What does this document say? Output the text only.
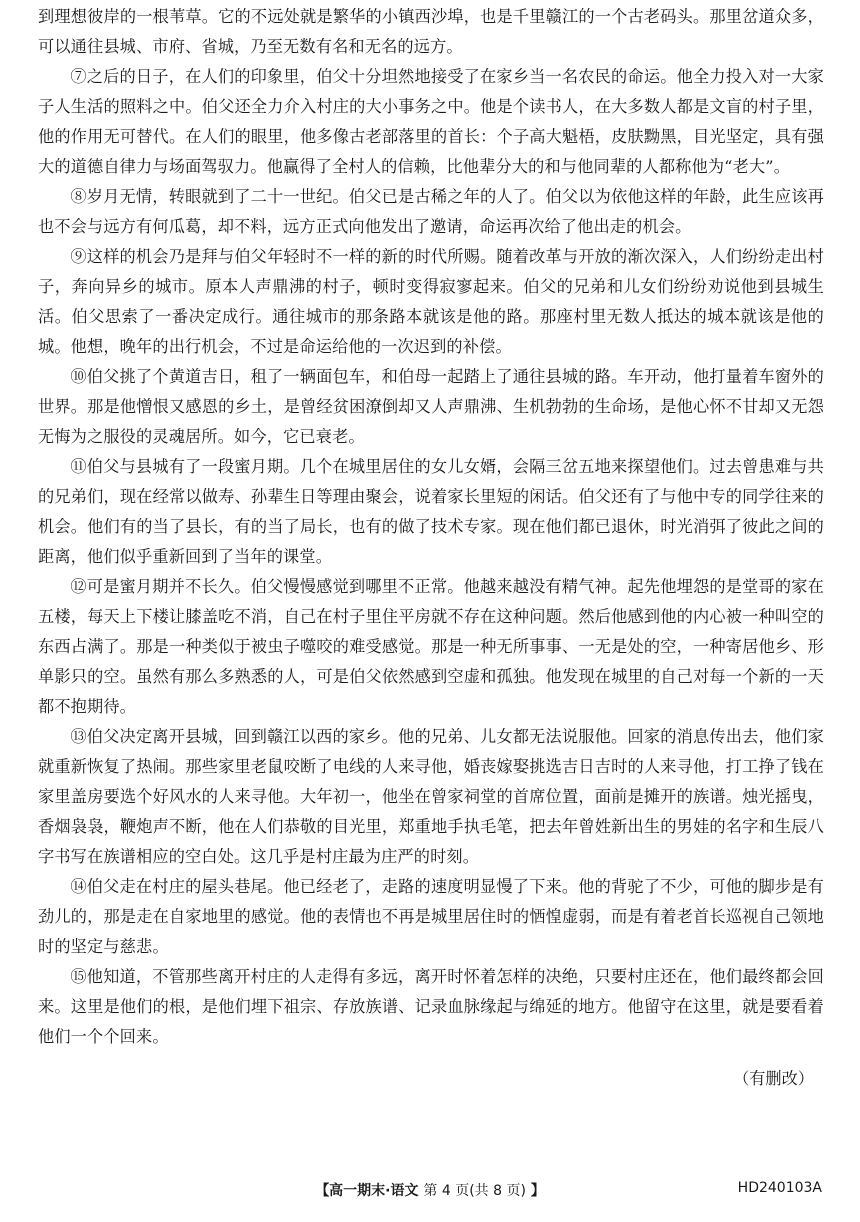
到理想彼岸的一根苇草。它的不远处就是繁华的小镇西沙埠，也是千里赣江的一个古老码头。那里岔道众多，可以通往县城、市府、省城，乃至无数有名和无名的远方。

⑦之后的日子，在人们的印象里，伯父十分坦然地接受了在家乡当一名农民的命运。他全力投入对一大家子人生活的照料之中。伯父还全力介入村庄的大小事务之中。他是个读书人，在大多数人都是文盲的村子里，他的作用无可替代。在人们的眼里，他多像古老部落里的首长：个子高大魁梧，皮肤黝黑，目光坚定，具有强大的道德自律力与场面驾驭力。他赢得了全村人的信赖，比他辈分大的和与他同辈的人都称他为“老大”。

⑧岁月无情，转眼就到了二十一世纪。伯父已是古稀之年的人了。伯父以为依他这样的年龄，此生应该再也不会与远方有何瓜葛，却不料，远方正式向他发出了邀请，命运再次给了他出走的机会。

⑨这样的机会乃是拜与伯父年轻时不一样的新的时代所赐。随着改革与开放的渐次深入，人们纷纷走出村子，奔向异乡的城市。原本人声鼎沸的村子，顿时变得寂寥起来。伯父的兄弟和儿女们纷纷劝说他到县城生活。伯父思索了一番决定成行。通往城市的那条路本就该是他的路。那座村里无数人抵达的城本就该是他的城。他想，晚年的出行机会，不过是命运给他的一次迟到的补偿。

⑩伯父挑了个黄道吉日，租了一辆面包车，和伯母一起踏上了通往县城的路。车开动，他打量着车窗外的世界。那是他憎恨又感恩的乡土，是曾经贫困潦倒却又人声鼎沸、生机勃勃的生命场，是他心怀不甘却又无怨无悔为之服役的灵魂居所。如今，它已衰老。

⑪伯父与县城有了一段蜜月期。几个在城里居住的女儿女婿，会隔三岔五地来探望他们。过去曾患难与共的兄弟们，现在经常以做寿、孙辈生日等理由聚会，说着家长里短的闲话。伯父还有了与他中专的同学往来的机会。他们有的当了县长，有的当了局长，也有的做了技术专家。现在他们都已退休，时光消弭了彼此之间的距离，他们似乎重新回到了当年的课堂。

⑫可是蜜月期并不长久。伯父慢慢感觉到哪里不正常。他越来越没有精气神。起先他埋怨的是堂哥的家在五楼，每天上下楼让膝盖吃不消，自己在村子里住平房就不存在这种问题。然后他感到他的内心被一种叫空的东西占满了。那是一种类似于被虫子噬咬的难受感觉。那是一种无所事事、一无是处的空，一种寄居他乡、形单影只的空。虽然有那么多熟悉的人，可是伯父依然感到空虚和孤独。他发现在城里的自己对每一个新的一天都不抱期待。

⑬伯父决定离开县城，回到赣江以西的家乡。他的兄弟、儿女都无法说服他。回家的消息传出去，他们家就重新恢复了热闹。那些家里老鼠咬断了电线的人来寻他，婚丧嫁娶挑选吉日吉时的人来寻他，打工挣了钱在家里盖房要选个好风水的人来寻他。大年初一，他坐在曾家祠堂的首席位置，面前是摊开的族谱。烛光摇曳，香烟袅袅，鞭炮声不断，他在人们恭敬的目光里，郑重地手执毛笔，把去年曾姓新出生的男娃的名字和生辰八字书写在族谱相应的空白处。这几乎是村庄最为庄严的时刻。

⑭伯父走在村庄的屋头巷尾。他已经老了，走路的速度明显慢了下来。他的背驼了不少，可他的脚步是有劲儿的，那是走在自家地里的感觉。他的表情也不再是城里居住时的恓惶虚弱，而是有着老首长巡视自己领地时的坚定与慈悲。

⑮他知道，不管那些离开村庄的人走得有多远，离开时怀着怎样的决绝，只要村庄还在，他们最终都会回来。这里是他们的根，是他们埋下祖宗、存放族谱、记录血脉缘起与绵延的地方。他留守在这里，就是要看着他们一个个回来。

（有删改）
【高一期末·语文 第 4 页(共 8 页) 】	HD240103A
